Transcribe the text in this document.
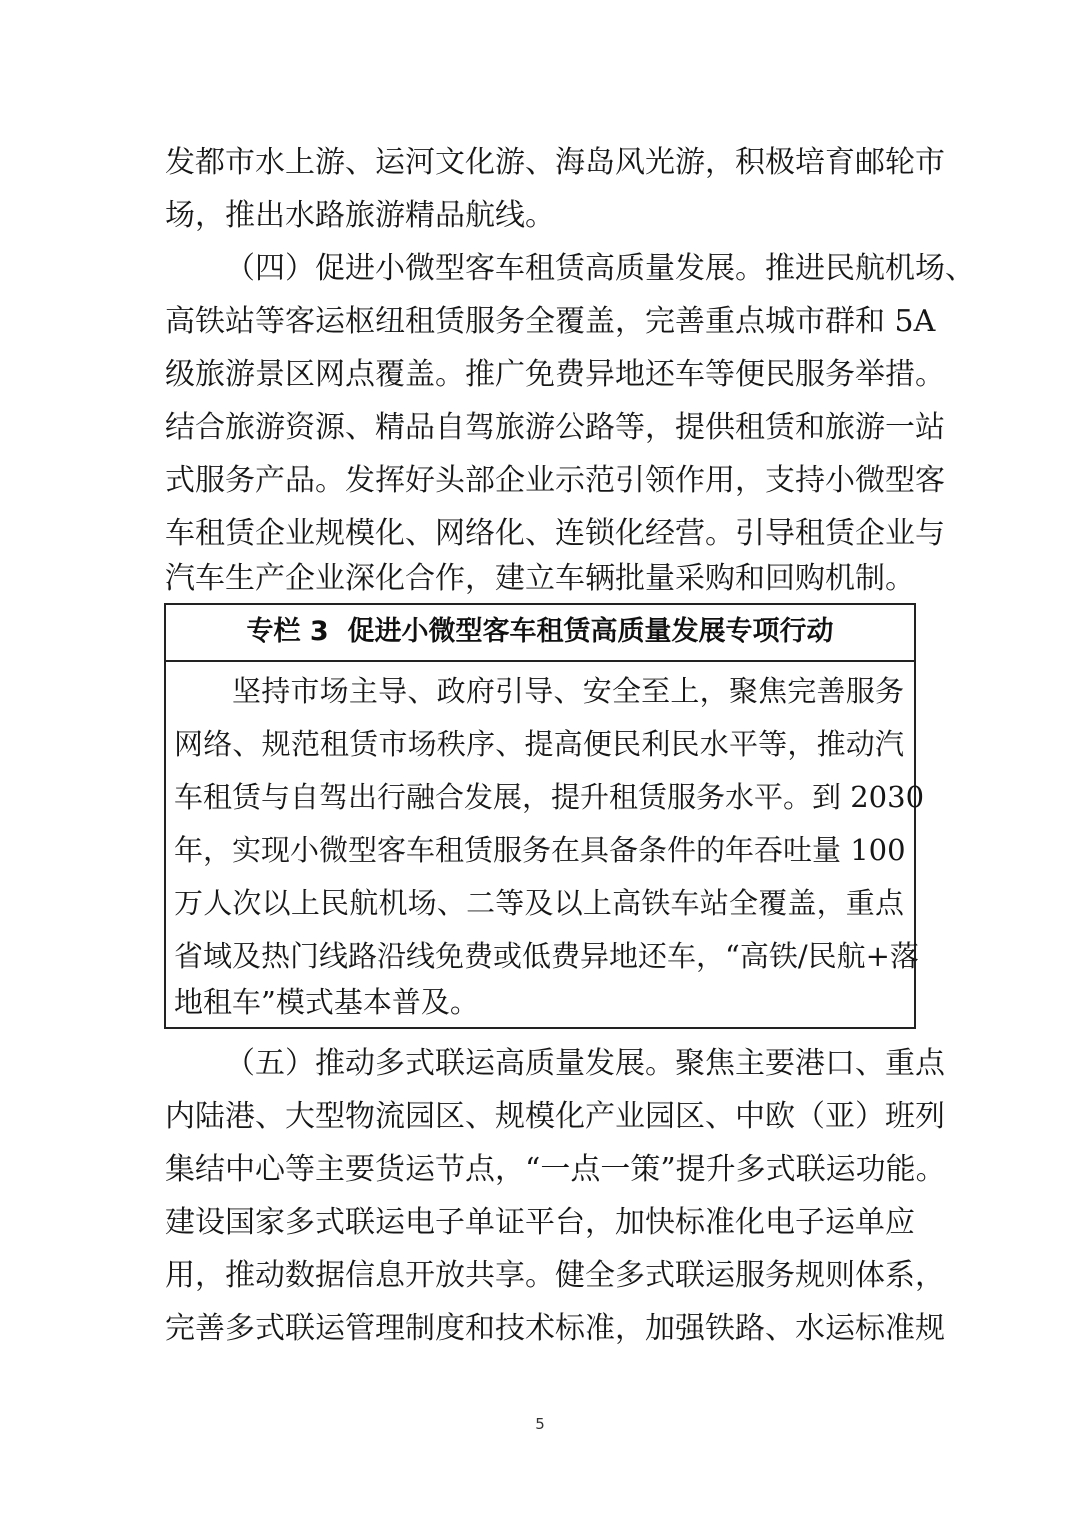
发都市水上游、运河文化游、海岛风光游，积极培育邮轮市
场，推出水路旅游精品航线。
（四）促进小微型客车租赁高质量发展。推进民航机场、
高铁站等客运枢纽租赁服务全覆盖，完善重点城市群和 5A
级旅游景区网点覆盖。推广免费异地还车等便民服务举措。
结合旅游资源、精品自驾旅游公路等，提供租赁和旅游一站
式服务产品。发挥好头部企业示范引领作用，支持小微型客
车租赁企业规模化、网络化、连锁化经营。引导租赁企业与
汽车生产企业深化合作，建立车辆批量采购和回购机制。
专栏 3  促进小微型客车租赁高质量发展专项行动
坚持市场主导、政府引导、安全至上，聚焦完善服务
网络、规范租赁市场秩序、提高便民利民水平等，推动汽
车租赁与自驾出行融合发展，提升租赁服务水平。到 2030
年，实现小微型客车租赁服务在具备条件的年吞吐量 100
万人次以上民航机场、二等及以上高铁车站全覆盖，重点
省域及热门线路沿线免费或低费异地还车，“高铁/民航+落
地租车”模式基本普及。
（五）推动多式联运高质量发展。聚焦主要港口、重点
内陆港、大型物流园区、规模化产业园区、中欧（亚）班列
集结中心等主要货运节点，“一点一策”提升多式联运功能。
建设国家多式联运电子单证平台，加快标准化电子运单应
用，推动数据信息开放共享。健全多式联运服务规则体系，
完善多式联运管理制度和技术标准，加强铁路、水运标准规
5
